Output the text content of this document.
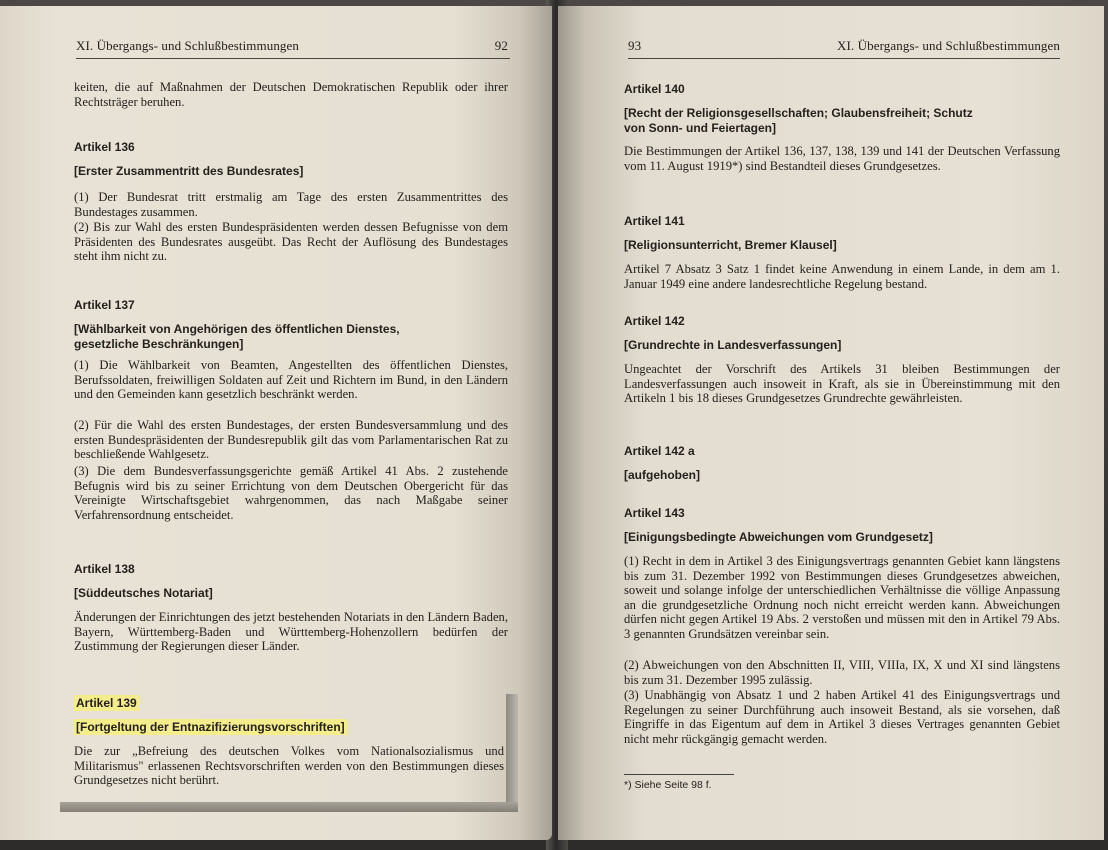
XI. Übergangs- und Schlußbestimmungen	92
keiten, die auf Maßnahmen der Deutschen Demokratischen Republik oder ihrer Rechtsträger beruhen.
Artikel 136
[Erster Zusammentritt des Bundesrates]
(1) Der Bundesrat tritt erstmalig am Tage des ersten Zusammentrittes des Bundestages zusammen.
(2) Bis zur Wahl des ersten Bundespräsidenten werden dessen Befugnisse von dem Präsidenten des Bundesrates ausgeübt. Das Recht der Auflösung des Bundestages steht ihm nicht zu.
Artikel 137
[Wählbarkeit von Angehörigen des öffentlichen Dienstes, gesetzliche Beschränkungen]
(1) Die Wählbarkeit von Beamten, Angestellten des öffentlichen Dienstes, Berufssoldaten, freiwilligen Soldaten auf Zeit und Richtern im Bund, in den Ländern und den Gemeinden kann gesetzlich beschränkt werden.
(2) Für die Wahl des ersten Bundestages, der ersten Bundesversammlung und des ersten Bundespräsidenten der Bundesrepublik gilt das vom Parlamentarischen Rat zu beschließende Wahlgesetz.
(3) Die dem Bundesverfassungsgerichte gemäß Artikel 41 Abs. 2 zustehende Befugnis wird bis zu seiner Errichtung von dem Deutschen Obergericht für das Vereinigte Wirtschaftsgebiet wahrgenommen, das nach Maßgabe seiner Verfahrensordnung entscheidet.
Artikel 138
[Süddeutsches Notariat]
Änderungen der Einrichtungen des jetzt bestehenden Notariats in den Ländern Baden, Bayern, Württemberg-Baden und Württemberg-Hohenzollern bedürfen der Zustimmung der Regierungen dieser Länder.
Artikel 139
[Fortgeltung der Entnazifizierungsvorschriften]
Die zur „Befreiung des deutschen Volkes vom Nationalsozialismus und Militarismus" erlassenen Rechtsvorschriften werden von den Bestimmungen dieses Grundgesetzes nicht berührt.
93	XI. Übergangs- und Schlußbestimmungen
Artikel 140
[Recht der Religionsgesellschaften; Glaubensfreiheit; Schutz von Sonn- und Feiertagen]
Die Bestimmungen der Artikel 136, 137, 138, 139 und 141 der Deutschen Verfassung vom 11. August 1919*) sind Bestandteil dieses Grundgesetzes.
Artikel 141
[Religionsunterricht, Bremer Klausel]
Artikel 7 Absatz 3 Satz 1 findet keine Anwendung in einem Lande, in dem am 1. Januar 1949 eine andere landesrechtliche Regelung bestand.
Artikel 142
[Grundrechte in Landesverfassungen]
Ungeachtet der Vorschrift des Artikels 31 bleiben Bestimmungen der Landesverfassungen auch insoweit in Kraft, als sie in Übereinstimmung mit den Artikeln 1 bis 18 dieses Grundgesetzes Grundrechte gewährleisten.
Artikel 142 a
[aufgehoben]
Artikel 143
[Einigungsbedingte Abweichungen vom Grundgesetz]
(1) Recht in dem in Artikel 3 des Einigungsvertrags genannten Gebiet kann längstens bis zum 31. Dezember 1992 von Bestimmungen dieses Grundgesetzes abweichen, soweit und solange infolge der unterschiedlichen Verhältnisse die völlige Anpassung an die grundgesetzliche Ordnung noch nicht erreicht werden kann. Abweichungen dürfen nicht gegen Artikel 19 Abs. 2 verstoßen und müssen mit den in Artikel 79 Abs. 3 genannten Grundsätzen vereinbar sein.
(2) Abweichungen von den Abschnitten II, VIII, VIIIa, IX, X und XI sind längstens bis zum 31. Dezember 1995 zulässig.
(3) Unabhängig von Absatz 1 und 2 haben Artikel 41 des Einigungsvertrags und Regelungen zu seiner Durchführung auch insoweit Bestand, als sie vorsehen, daß Eingriffe in das Eigentum auf dem in Artikel 3 dieses Vertrages genannten Gebiet nicht mehr rückgängig gemacht werden.
*) Siehe Seite 98 f.
